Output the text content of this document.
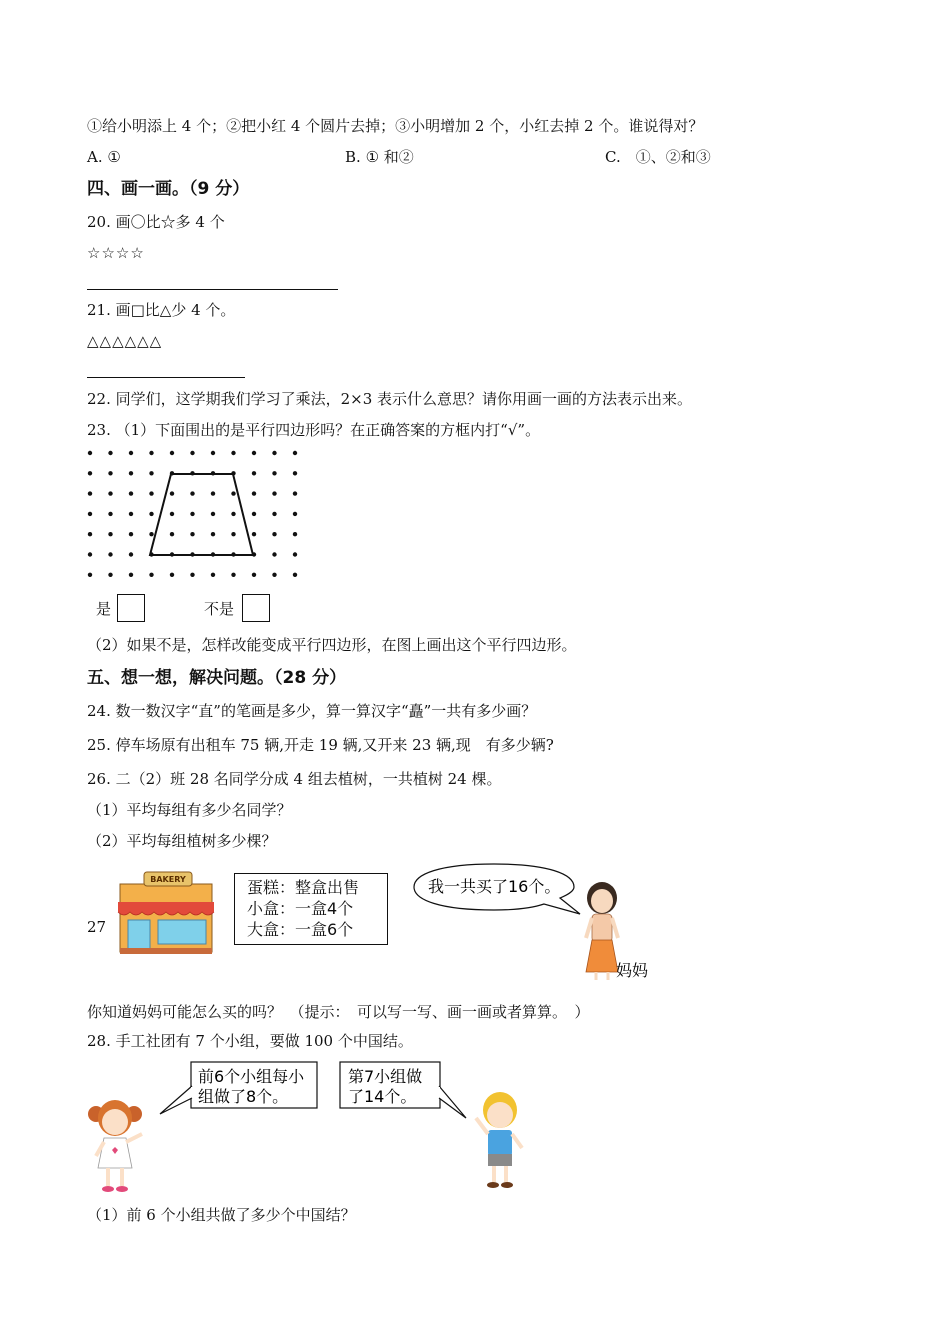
①给小明添上 4 个；②把小红 4 个圆片去掉；③小明增加 2 个，小红去掉 2 个。谁说得对？
A. ①	B. ① 和②	C.　 ①、②和③
四、画一画。（9 分）
20. 画〇比☆多 4 个
☆☆☆☆
21. 画□比△少 4 个。
△△△△△△
22. 同学们，这学期我们学习了乘法，2×3 表示什么意思？请你用画一画的方法表示出来。
23. （1）下面围出的是平行四边形吗？在正确答案的方框内打“√”。
是	不是
（2）如果不是，怎样改能变成平行四边形，在图上画出这个平行四边形。
五、想一想，解决问题。（28 分）
24. 数一数汉字“直”的笔画是多少，算一算汉字“矗”一共有多少画？
25. 停车场原有出租车 75 辆,开走 19 辆,又开来 23 辆,现　有多少辆?
26. 二（2）班 28 名同学分成 4 组去植树，一共植树 24 棵。
（1）平均每组有多少名同学？
（2）平均每组植树多少棵？
27
BAKERY	蛋糕：整盒出售
小盒：一盒4个
大盒：一盒6个
我一共买了16个。
妈妈
你知道妈妈可能怎么买的吗？　（提示：　可以写一写、画一画或者算算。　）
28. 手工社团有 7 个小组，要做 100 个中国结。
前6个小组每小
组做了8个。
第7小组做
了14个。
（1）前 6 个小组共做了多少个中国结？
